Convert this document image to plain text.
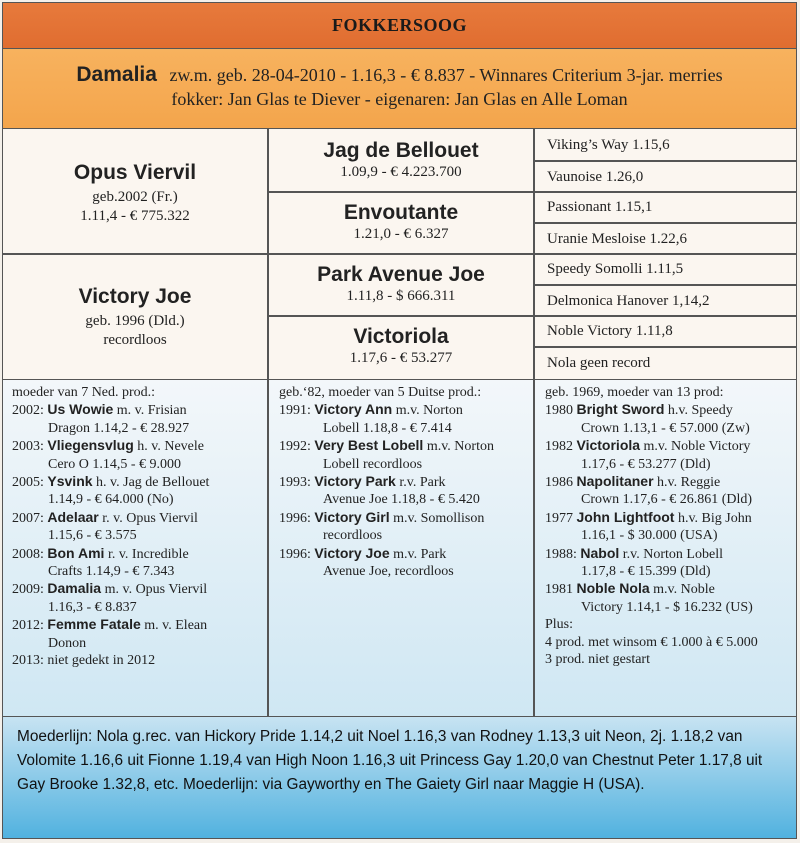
FOKKERSOOG
Damalia zw.m. geb. 28-04-2010 - 1.16,3 - € 8.837 - Winnares Criterium 3-jar. merries
fokker: Jan Glas te Diever - eigenaren: Jan Glas en Alle Loman
Opus Viervil
geb.2002 (Fr.)
1.11,4 - € 775.322
Victory Joe
geb. 1996 (Dld.)
recordloos
Jag de Bellouet
1.09,9 - € 4.223.700
Envoutante
1.21,0 - € 6.327
Park Avenue Joe
1.11,8 - $ 666.311
Victoriola
1.17,6 - € 53.277
Viking’s Way 1.15,6
Vaunoise 1.26,0
Passionant 1.15,1
Uranie Mesloise 1.22,6
Speedy Somolli 1.11,5
Delmonica Hanover 1,14,2
Noble Victory 1.11,8
Nola geen record

moeder van 7 Ned. prod.:

2002: Us Wowie m. v. Frisian

Dragon 1.14,2 - € 28.927

2003: Vliegensvlug h. v. Nevele

Cero O 1.14,5 - € 9.000

2005: Ysvink h. v. Jag de Bellouet

1.14,9 - € 64.000 (No)

2007: Adelaar r. v. Opus Viervil

1.15,6 - € 3.575

2008: Bon Ami r. v. Incredible

Crafts 1.14,9 - € 7.343

2009: Damalia m. v. Opus Viervil

1.16,3 - € 8.837

2012: Femme Fatale m. v. Elean

Donon

2013: niet gedekt in 2012

geb.‘82, moeder van 5 Duitse prod.:

1991: Victory Ann m.v. Norton

Lobell 1.18,8 - € 7.414

1992: Very Best Lobell m.v. Norton

Lobell recordloos

1993: Victory Park r.v. Park

Avenue Joe 1.18,8 - € 5.420

1996: Victory Girl m.v. Somollison

recordloos

1996: Victory Joe m.v. Park

Avenue Joe, recordloos

geb. 1969, moeder van 13 prod:

1980 Bright Sword h.v. Speedy

Crown 1.13,1 - € 57.000 (Zw)

1982 Victoriola m.v. Noble Victory

1.17,6 - € 53.277 (Dld)

1986 Napolitaner h.v. Reggie

Crown 1.17,6 - € 26.861 (Dld)

1977 John Lightfoot h.v. Big John

1.16,1 - $ 30.000 (USA)

1988: Nabol r.v. Norton Lobell

1.17,8 - € 15.399 (Dld)

1981 Noble Nola m.v. Noble

Victory 1.14,1 - $ 16.232 (US)

Plus:

4 prod. met winsom € 1.000 à € 5.000

3 prod. niet gestart

Moederlijn: Nola g.rec. van Hickory Pride 1.14,2 uit Noel 1.16,3 van Rodney 1.13,3 uit Neon, 2j. 1.18,2 van Volomite 1.16,6 uit Fionne 1.19,4 van High Noon 1.16,3 uit Princess Gay 1.20,0 van Chestnut Peter 1.17,8 uit Gay Brooke 1.32,8, etc. Moederlijn: via Gayworthy en The Gaiety Girl naar Maggie H (USA).
